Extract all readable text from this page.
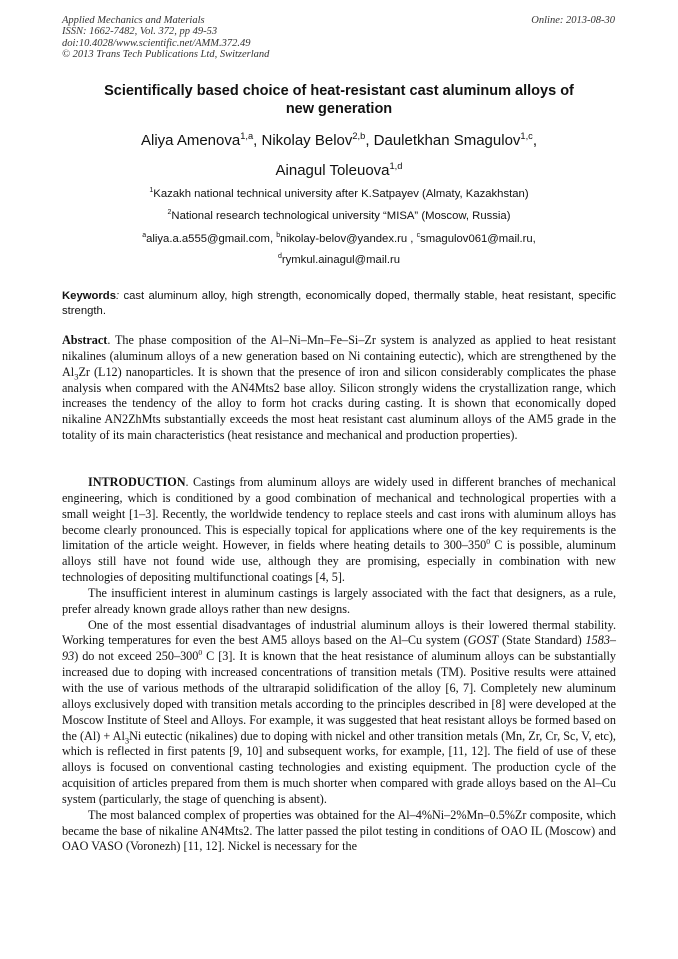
Applied Mechanics and Materials
ISSN: 1662-7482, Vol. 372, pp 49-53
doi:10.4028/www.scientific.net/AMM.372.49
© 2013 Trans Tech Publications Ltd, Switzerland
Online: 2013-08-30
Scientifically based choice of heat-resistant cast aluminum alloys of
new generation
Aliya Amenova$^{1,a}$, Nikolay Belov$^{2,b}$, Dauletkhan Smagulov$^{1,c}$,
Ainagul Toleuova$^{1,d}$
$^1$Kazakh national technical university after K.Satpayev (Almaty, Kazakhstan)
$^2$National research technological university “MISA” (Moscow, Russia)
$^a$aliya.a.a555@gmail.com, $^b$nikolay-belov@yandex.ru , $^c$smagulov061@mail.ru,
$^d$rymkul.ainagul@mail.ru
Keywords: cast aluminum alloy, high strength, economically doped, thermally stable, heat resistant, specific strength.

Abstract. The phase composition of the Al–Ni–Mn–Fe–Si–Zr system is analyzed as applied to heat resistant nikalines (aluminum alloys of a new generation based on Ni containing eutectic), which are strengthened by the $Al_3Zr$ (L12) nanoparticles. It is shown that the presence of iron and silicon considerably complicates the phase analysis when compared with the AN4Mts2 base alloy. Silicon strongly widens the crystallization range, which increases the tendency of the alloy to form hot cracks during casting. It is shown that economically doped nikaline AN2ZhMts substantially exceeds the most heat resistant cast aluminum alloys of the AM5 grade in the totality of its main characteristics (heat resistance and mechanical and production properties).

INTRODUCTION. Castings from aluminum alloys are widely used in different branches of mechanical engineering, which is conditioned by a good combination of mechanical and technological properties with a small weight [1–3]. Recently, the worldwide tendency to replace steels and cast irons with aluminum alloys has become clearly pronounced. This is especially topical for applications where one of the key requirements is the limitation of the article weight. However, in fields where heating details to $300-350^0$ C is possible, aluminum alloys still have not found wide use, although they are promising, especially in combination with new technologies of depositing multifunctional coatings [4, 5].

The insufficient interest in aluminum castings is largely associated with the fact that designers, as a rule, prefer already known grade alloys rather than new designs.

One of the most essential disadvantages of industrial aluminum alloys is their lowered thermal stability. Working temperatures for even the best AM5 alloys based on the Al–Cu system (GOST (State Standard) 1583–93) do not exceed $250-300^0$ C [3]. It is known that the heat resistance of aluminum alloys can be substantially increased due to doping with increased concentrations of transition metals (TM). Positive results were attained with the use of various methods of the ultrarapid solidification of the alloy [6, 7]. Completely new aluminum alloys exclusively doped with transition metals according to the principles described in [8] were developed at the Moscow Institute of Steel and Alloys. For example, it was suggested that heat resistant alloys be formed based on the $(Al) + Al_3Ni$ eutectic (nikalines) due to doping with nickel and other transition metals (Mn, Zr, Cr, Sc, V, etc), which is reflected in first patents [9, 10] and subsequent works, for example, [11, 12]. The field of use of these alloys is focused on conventional casting technologies and existing equipment. The production cycle of the acquisition of articles prepared from them is much shorter when compared with grade alloys based on the Al–Cu system (particularly, the stage of quenching is absent).

The most balanced complex of properties was obtained for the Al–4%Ni–2%Mn–0.5%Zr composite, which became the base of nikaline AN4Mts2. The latter passed the pilot testing in conditions of OAO IL (Moscow) and OAO VASO (Voronezh) [11, 12]. Nickel is necessary for the
